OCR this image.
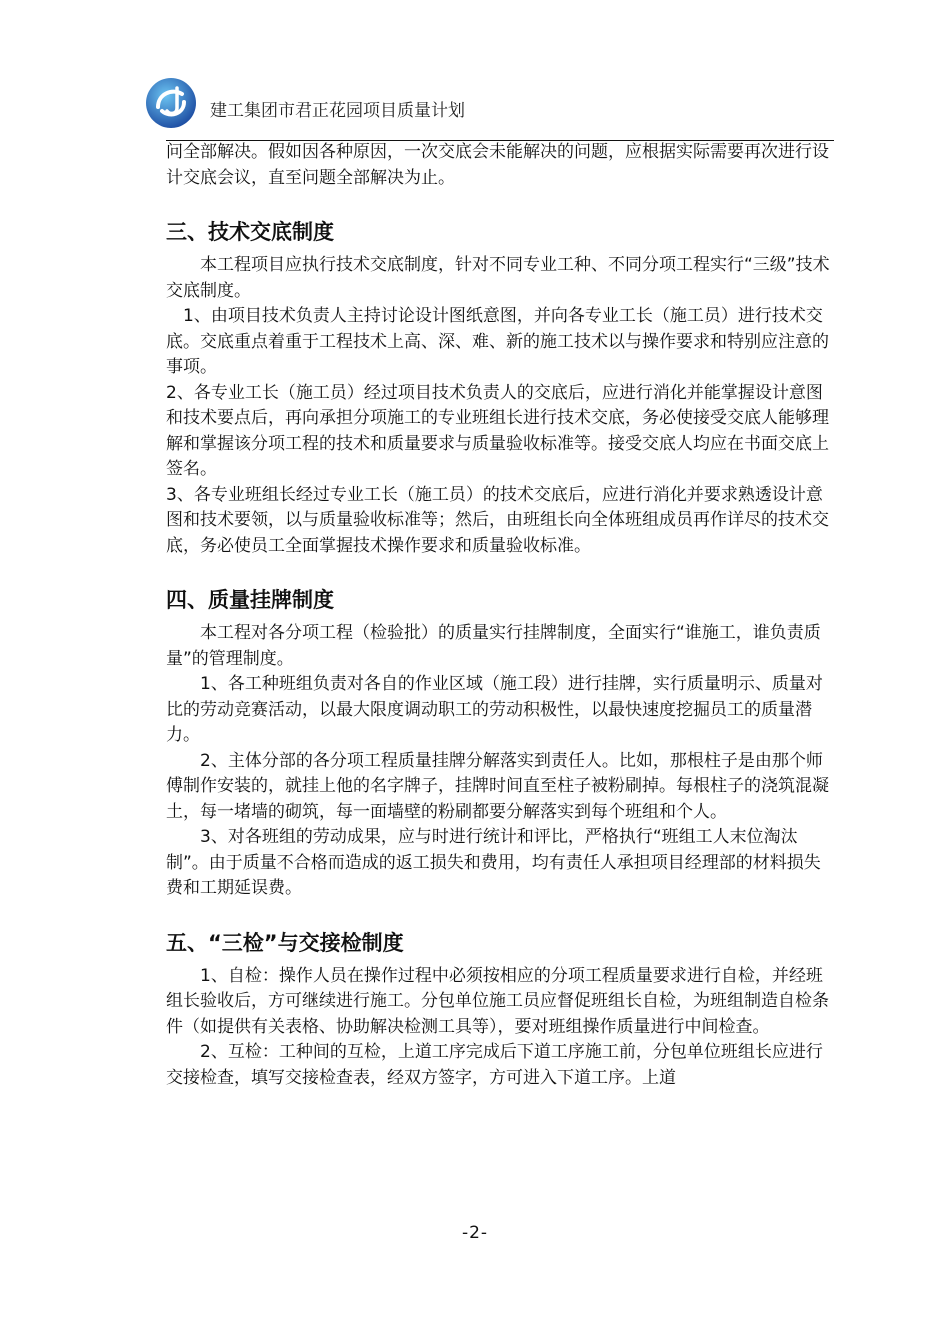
建工集团市君正花园项目质量计划

问全部解决。假如因各种原因，一次交底会未能解决的问题，应根据实际需要再次进行设计交底会议，直至问题全部解决为止。

三、技术交底制度

本工程项目应执行技术交底制度，针对不同专业工种、不同分项工程实行“三级”技术交底制度。

1、由项目技术负责人主持讨论设计图纸意图，并向各专业工长（施工员）进行技术交底。交底重点着重于工程技术上高、深、难、新的施工技术以与操作要求和特别应注意的事项。

2、各专业工长（施工员）经过项目技术负责人的交底后，应进行消化并能掌握设计意图和技术要点后，再向承担分项施工的专业班组长进行技术交底，务必使接受交底人能够理解和掌握该分项工程的技术和质量要求与质量验收标准等。接受交底人均应在书面交底上签名。

3、各专业班组长经过专业工长（施工员）的技术交底后，应进行消化并要求熟透设计意图和技术要领，以与质量验收标准等；然后，由班组长向全体班组成员再作详尽的技术交底，务必使员工全面掌握技术操作要求和质量验收标准。

四、质量挂牌制度

本工程对各分项工程（检验批）的质量实行挂牌制度，全面实行“谁施工，谁负责质量”的管理制度。

1、各工种班组负责对各自的作业区域（施工段）进行挂牌，实行质量明示、质量对比的劳动竞赛活动，以最大限度调动职工的劳动积极性，以最快速度挖掘员工的质量潜力。

2、主体分部的各分项工程质量挂牌分解落实到责任人。比如，那根柱子是由那个师傅制作安装的，就挂上他的名字牌子，挂牌时间直至柱子被粉刷掉。每根柱子的浇筑混凝土，每一堵墙的砌筑，每一面墙壁的粉刷都要分解落实到每个班组和个人。

3、对各班组的劳动成果，应与时进行统计和评比，严格执行“班组工人末位淘汰制”。由于质量不合格而造成的返工损失和费用，均有责任人承担项目经理部的材料损失费和工期延误费。

五、“三检”与交接检制度

1、自检：操作人员在操作过程中必须按相应的分项工程质量要求进行自检，并经班组长验收后，方可继续进行施工。分包单位施工员应督促班组长自检，为班组制造自检条件（如提供有关表格、协助解决检测工具等），要对班组操作质量进行中间检查。

2、互检：工种间的互检，上道工序完成后下道工序施工前，分包单位班组长应进行交接检查，填写交接检查表，经双方签字，方可进入下道工序。上道

-2-
